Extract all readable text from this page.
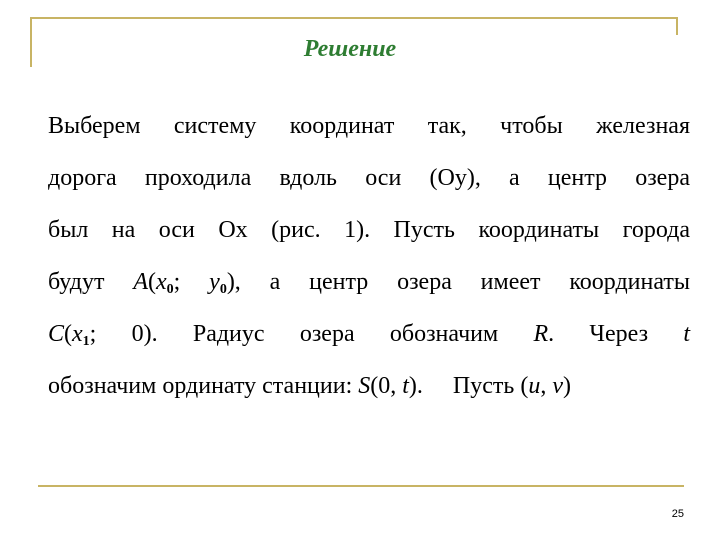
Решение
Выберем систему координат так, чтобы железная
дорога проходила вдоль оси (Oy), а центр озера
был на оси Ox (рис. 1). Пусть координаты города
будут $A(x_0$; $y_0$), а центр озера имеет координаты
$C(x_1$; 0). Радиус озера обозначим R. Через t
обозначим ординату станции: S(0, t). Пусть (u, v)
25
